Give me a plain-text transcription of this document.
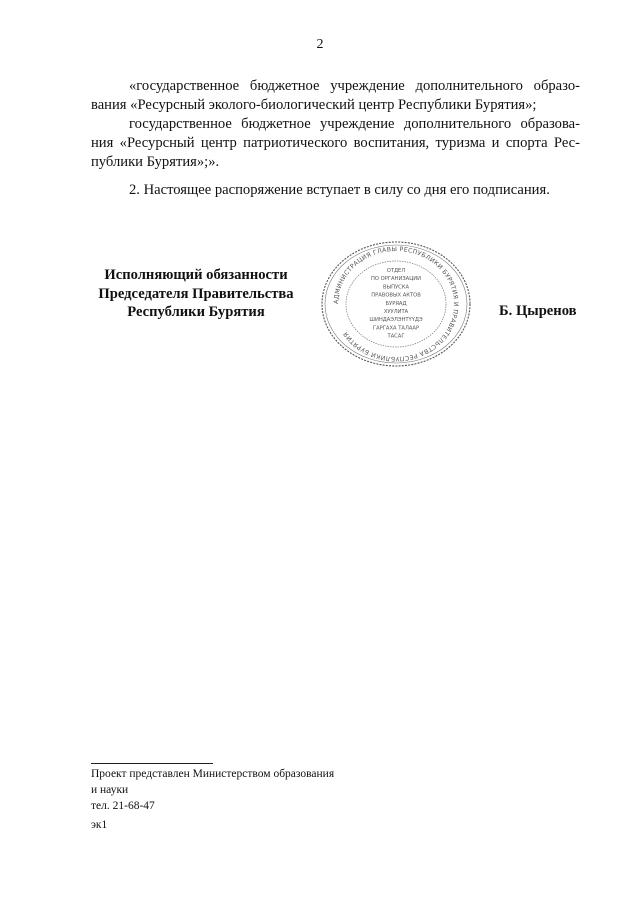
2

«государственное бюджетное учреждение дополнительного образо-
вания «Ресурсный эколого-биологический центр Республики Бурятия»;

государственное бюджетное учреждение дополнительного образова-
ния «Ресурсный центр патриотического воспитания, туризма и спорта Рес-
публики Бурятия»;».

2. Настоящее распоряжение вступает в силу со дня его подписания.

Исполняющий обязанности
Председателя Правительства
Республики Бурятия
АДМИНИСТРАЦИЯ ГЛАВЫ РЕСПУБЛИКИ БУРЯТИЯ И ПРАВИТЕЛЬСТВА РЕСПУБЛИКИ БУРЯТИЯ
ОТДЕЛ
ПО ОРГАНИЗАЦИИ
ВЫПУСКА
ПРАВОВЫХ АКТОВ
БУРЯАД
ХУУЛИТА
ШИНДАЭЛЭНТҮҮДЭ
ГАРГАХА ТАЛААР
ТАСАГ
Б. Цыренов
Проект представлен Министерством образования
и науки
тел. 21-68-47
эк1
